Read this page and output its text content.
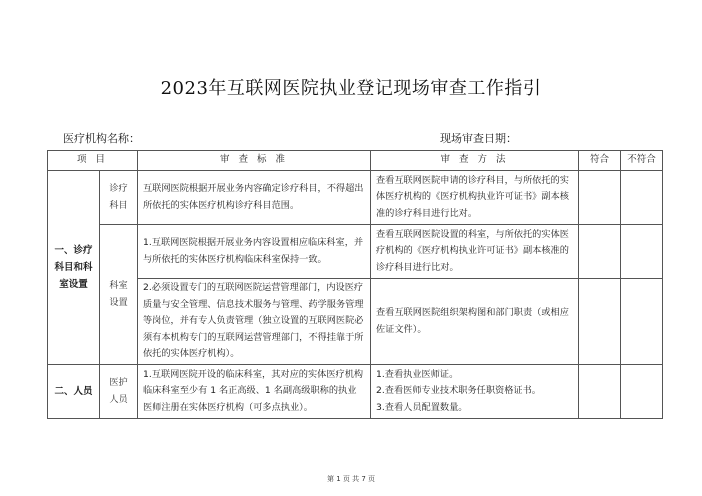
2023年互联网医院执业登记现场审查工作指引
医疗机构名称：	现场审查日期：
项 目		审 查 标 准	审 查 方 法	符合	不符合
一、诊疗科目和科室设置	诊疗科目	互联网医院根据开展业务内容确定诊疗科目，不得超出所依托的实体医疗机构诊疗科目范围。	查看互联网医院申请的诊疗科目，与所依托的实体医疗机构的《医疗机构执业许可证书》副本核准的诊疗科目进行比对。		
	科室设置	1.互联网医院根据开展业务内容设置相应临床科室，并与所依托的实体医疗机构临床科室保持一致。	查看互联网医院设置的科室，与所依托的实体医疗机构的《医疗机构执业许可证书》副本核准的诊疗科目进行比对。		
		2.必须设置专门的互联网医院运营管理部门，内设医疗质量与安全管理、信息技术服务与管理、药学服务管理等岗位，并有专人负责管理（独立设置的互联网医院必须有本机构专门的互联网运营管理部门，不得挂靠于所依托的实体医疗机构）。	查看互联网医院组织架构图和部门职责（或相应佐证文件）。		
二、人员	医护人员	1.互联网医院开设的临床科室，其对应的实体医疗机构临床科室至少有 1 名正高级、1 名副高级职称的执业医师注册在实体医疗机构（可多点执业）。	1.查看执业医师证。
2.查看医师专业技术职务任职资格证书。
3.查看人员配置数量。		

第 1 页 共 7 页
